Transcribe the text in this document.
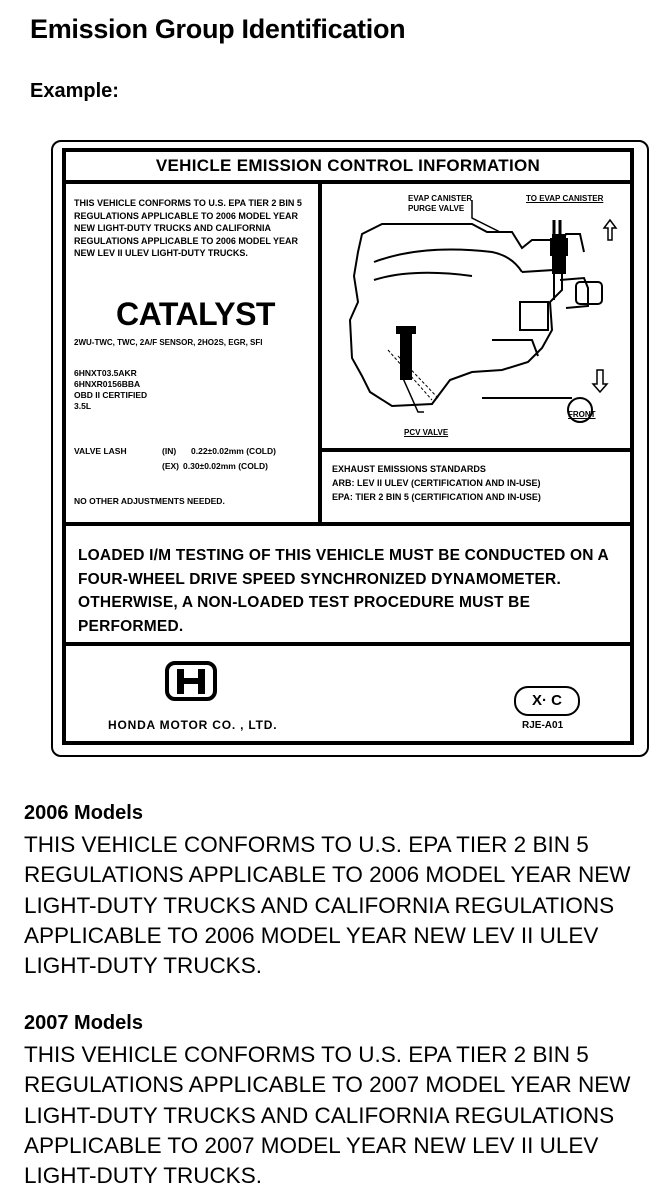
Emission Group Identification
Example:
VEHICLE EMISSION CONTROL INFORMATION
THIS VEHICLE CONFORMS TO U.S. EPA TIER 2 BIN 5 REGULATIONS APPLICABLE TO 2006 MODEL YEAR NEW LIGHT-DUTY TRUCKS AND CALIFORNIA REGULATIONS APPLICABLE TO 2006 MODEL YEAR NEW LEV II ULEV LIGHT-DUTY TRUCKS.
CATALYST
2WU-TWC, TWC, 2A/F SENSOR, 2HO2S, EGR, SFI
6HNXT03.5AKR
6HNXR0156BBA
OBD II CERTIFIED
3.5L
VALVE LASH	(IN) 0.22±0.02mm (COLD)
(EX) 0.30±0.02mm (COLD)
NO OTHER ADJUSTMENTS NEEDED.
EVAP CANISTER PURGE VALVE
TO EVAP CANISTER
FRONT
PCV VALVE
EXHAUST EMISSIONS STANDARDS
ARB: LEV II ULEV (CERTIFICATION AND IN-USE)
EPA: TIER 2 BIN 5 (CERTIFICATION AND IN-USE)
LOADED I/M TESTING OF THIS VEHICLE MUST BE CONDUCTED ON A FOUR-WHEEL DRIVE SPEED SYNCHRONIZED DYNAMOMETER. OTHERWISE, A NON-LOADED TEST PROCEDURE MUST BE PERFORMED.
HONDA MOTOR CO. , LTD.
X· C
RJE-A01
2006 Models
THIS VEHICLE CONFORMS TO U.S. EPA TIER 2 BIN 5 REGULATIONS APPLICABLE TO 2006 MODEL YEAR NEW LIGHT-DUTY TRUCKS AND CALIFORNIA REGULATIONS APPLICABLE TO 2006 MODEL YEAR NEW LEV II ULEV LIGHT-DUTY TRUCKS.
2007 Models
THIS VEHICLE CONFORMS TO U.S. EPA TIER 2 BIN 5 REGULATIONS APPLICABLE TO 2007 MODEL YEAR NEW LIGHT-DUTY TRUCKS AND CALIFORNIA REGULATIONS APPLICABLE TO 2007 MODEL YEAR NEW LEV II ULEV LIGHT-DUTY TRUCKS.
